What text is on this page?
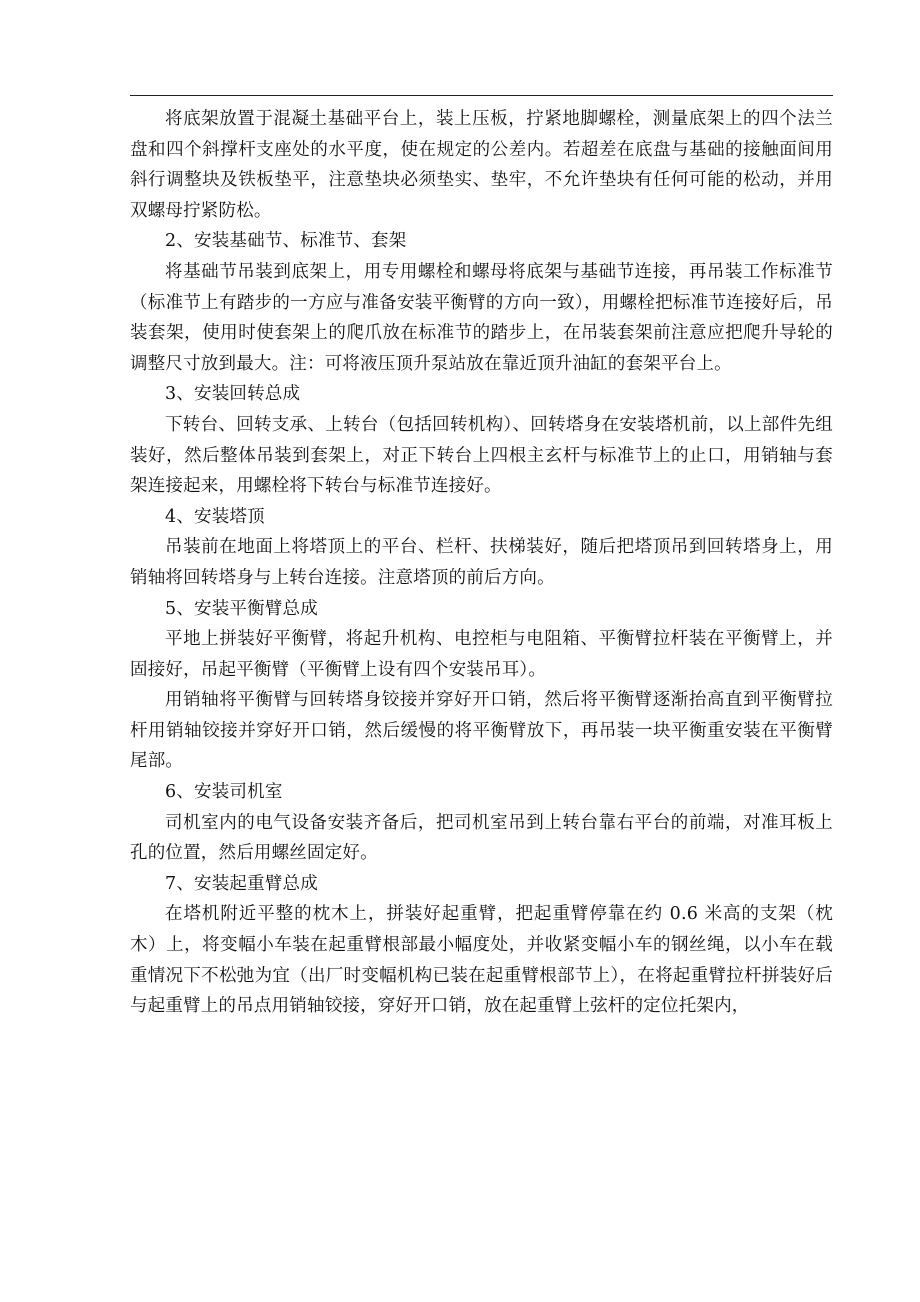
将底架放置于混凝土基础平台上，装上压板，拧紧地脚螺栓，测量底架上的四个法兰盘和四个斜撑杆支座处的水平度，使在规定的公差内。若超差在底盘与基础的接触面间用斜行调整块及铁板垫平，注意垫块必须垫实、垫牢，不允许垫块有任何可能的松动，并用双螺母拧紧防松。

2、安装基础节、标准节、套架

将基础节吊装到底架上，用专用螺栓和螺母将底架与基础节连接，再吊装工作标准节（标准节上有踏步的一方应与准备安装平衡臂的方向一致），用螺栓把标准节连接好后，吊装套架，使用时使套架上的爬爪放在标准节的踏步上，在吊装套架前注意应把爬升导轮的调整尺寸放到最大。注：可将液压顶升泵站放在靠近顶升油缸的套架平台上。

3、安装回转总成

下转台、回转支承、上转台（包括回转机构）、回转塔身在安装塔机前，以上部件先组装好，然后整体吊装到套架上，对正下转台上四根主玄杆与标准节上的止口，用销轴与套架连接起来，用螺栓将下转台与标准节连接好。

4、安装塔顶

吊装前在地面上将塔顶上的平台、栏杆、扶梯装好，随后把塔顶吊到回转塔身上，用销轴将回转塔身与上转台连接。注意塔顶的前后方向。

5、安装平衡臂总成

平地上拼装好平衡臂，将起升机构、电控柜与电阻箱、平衡臂拉杆装在平衡臂上，并固接好，吊起平衡臂（平衡臂上设有四个安装吊耳）。

用销轴将平衡臂与回转塔身铰接并穿好开口销，然后将平衡臂逐渐抬高直到平衡臂拉杆用销轴铰接并穿好开口销，然后缓慢的将平衡臂放下，再吊装一块平衡重安装在平衡臂尾部。

6、安装司机室

司机室内的电气设备安装齐备后，把司机室吊到上转台靠右平台的前端，对准耳板上孔的位置，然后用螺丝固定好。

7、安装起重臂总成

在塔机附近平整的枕木上，拼装好起重臂，把起重臂停靠在约 0.6 米高的支架（枕木）上，将变幅小车装在起重臂根部最小幅度处，并收紧变幅小车的钢丝绳，以小车在载重情况下不松弛为宜（出厂时变幅机构已装在起重臂根部节上），在将起重臂拉杆拼装好后与起重臂上的吊点用销轴铰接，穿好开口销，放在起重臂上弦杆的定位托架内，
